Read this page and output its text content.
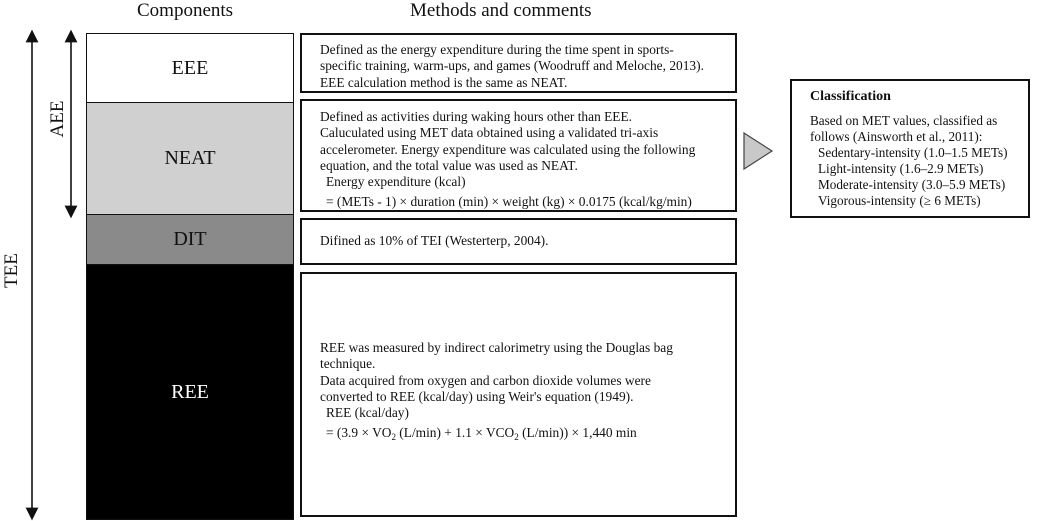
Components	Methods and comments
TEE
AEE
EEE
NEAT
DIT
REE

Defined as the energy expenditure during the time spent in sports-

specific training, warm-ups, and games (Woodruff and Meloche, 2013).

EEE calculation method is the same as NEAT.

Defined as activities during waking hours other than EEE.

Caluculated using MET data obtained using a validated tri-axis

accelerometer. Energy expenditure was calculated using the following

equation, and the total value was used as NEAT.

Energy expenditure (kcal)

= (METs - 1) × duration (min) × weight (kg) × 0.0175 (kcal/kg/min)

Difined as 10% of TEI (Westerterp, 2004).

REE was measured by indirect calorimetry using the Douglas bag

technique.

Data acquired from oxygen and carbon dioxide volumes were

converted to REE (kcal/day) using Weir's equation (1949).

REE (kcal/day)

= ($3.9 \times VO_2$ $(L/\min) + 1.1 \times VCO_2$ (L/min)) × 1,440 min

Classification
Based on MET values, classified as
follows (Ainsworth et al., 2011):
Sedentary-intensity (1.0–1.5 METs)
Light-intensity (1.6–2.9 METs)
Moderate-intensity (3.0–5.9 METs)
Vigorous-intensity (≥ 6 METs)
